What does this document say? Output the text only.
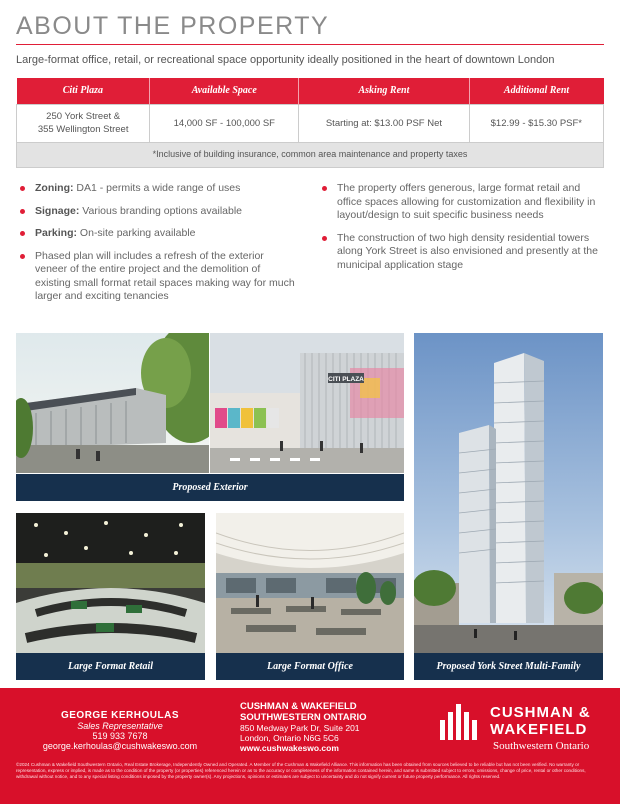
ABOUT THE PROPERTY

Large-format office, retail, or recreational space opportunity ideally positioned in the heart of downtown London

Citi Plaza	Available Space	Asking Rent	Additional Rent
250 York Street &
355 Wellington Street	14,000 SF - 100,000 SF	Starting at: $13.00 PSF Net	$12.99 - $15.30 PSF*
*Inclusive of building insurance, common area maintenance and property taxes			
Zoning: DA1 - permits a wide range of uses
Signage: Various branding options available
Parking: On-site parking available
Phased plan will includes a refresh of the exterior veneer of the entire project and the demolition of existing small format retail spaces making way for much larger and exciting tenancies
The property offers generous, large format retail and office spaces allowing for customization and flexibility in layout/design to suit specific business needs
The construction of two high density residential towers along York Street is also envisioned and presently at the municipal application stage
CITI PLAZA
Proposed Exterior
Large Format Retail	Large Format Office	Proposed York Street Multi-Family
GEORGE KERHOULAS
Sales Representative
519 933 7678
george.kerhoulas@cushwakeswo.com
CUSHMAN & WAKEFIELD
SOUTHWESTERN ONTARIO
850 Medway Park Dr, Suite 201
London, Ontario N6G 5C6
www.cushwakeswo.com
CUSHMAN &
WAKEFIELD
Southwestern Ontario
©2024 Cushman & Wakefield Southwestern Ontario, Real Estate Brokerage, Independently Owned and Operated. A Member of the Cushman & Wakefield Alliance. This information has been obtained from sources believed to be reliable but has not been verified. No warranty or representation, express or implied, is made as to the condition of the property (or properties) referenced herein or as to the accuracy or completeness of the information contained herein, and same is submitted subject to errors, omissions, change of price, rental or other conditions, withdrawal without notice, and to any special listing conditions imposed by the property owner(s). Any projections, opinions or estimates are subject to uncertainty and do not signify current or future property performance. All rights reserved.
